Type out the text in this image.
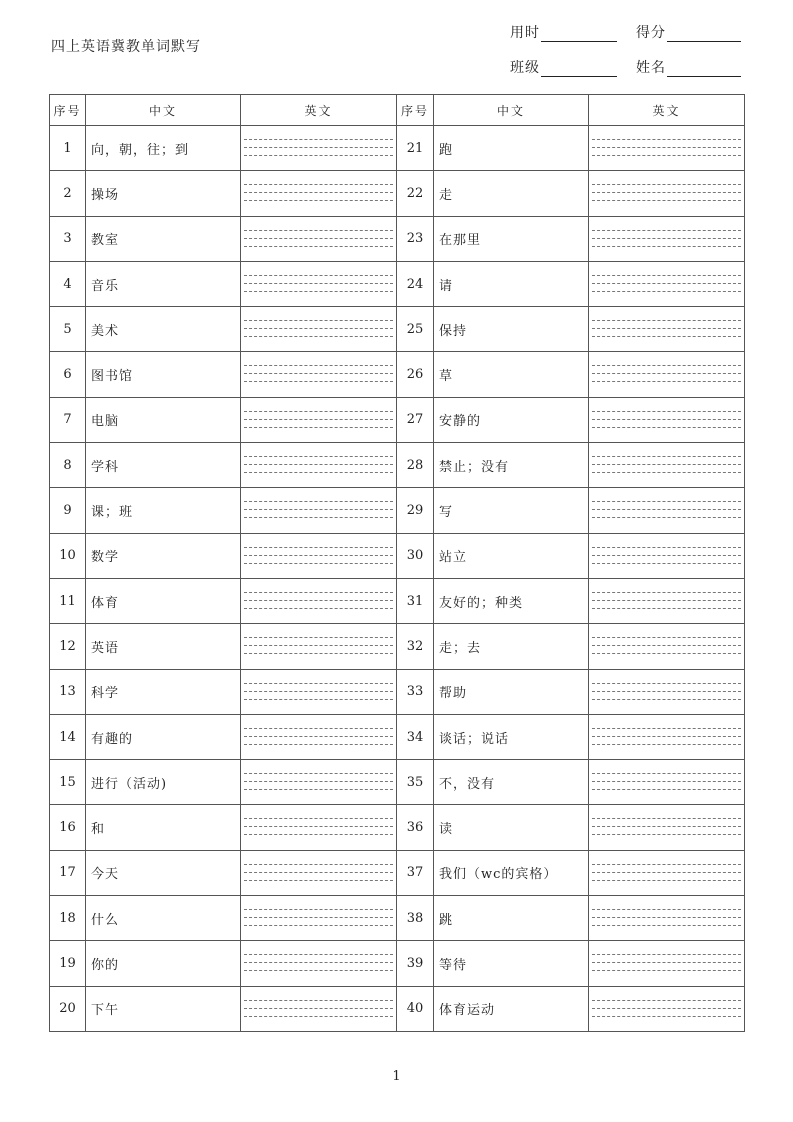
四上英语冀教单词默写
用时	得分
班级	姓名
序号	中文	英文	序号	中文	英文
1	向，朝，往；到		21	跑	

2	操场		22	走	

3	教室		23	在那里	

4	音乐		24	请	

5	美术		25	保持	

6	图书馆		26	草	

7	电脑		27	安静的	

8	学科		28	禁止；没有	

9	课；班		29	写	

10	数学		30	站立	

11	体育		31	友好的；种类	

12	英语		32	走；去	

13	科学		33	帮助	

14	有趣的		34	谈话；说话	

15	进行（活动)		35	不，没有	

16	和		36	读	

17	今天		37	我们（wc的宾格）	

18	什么		38	跳	

19	你的		39	等待	

20	下午		40	体育运动	
1
